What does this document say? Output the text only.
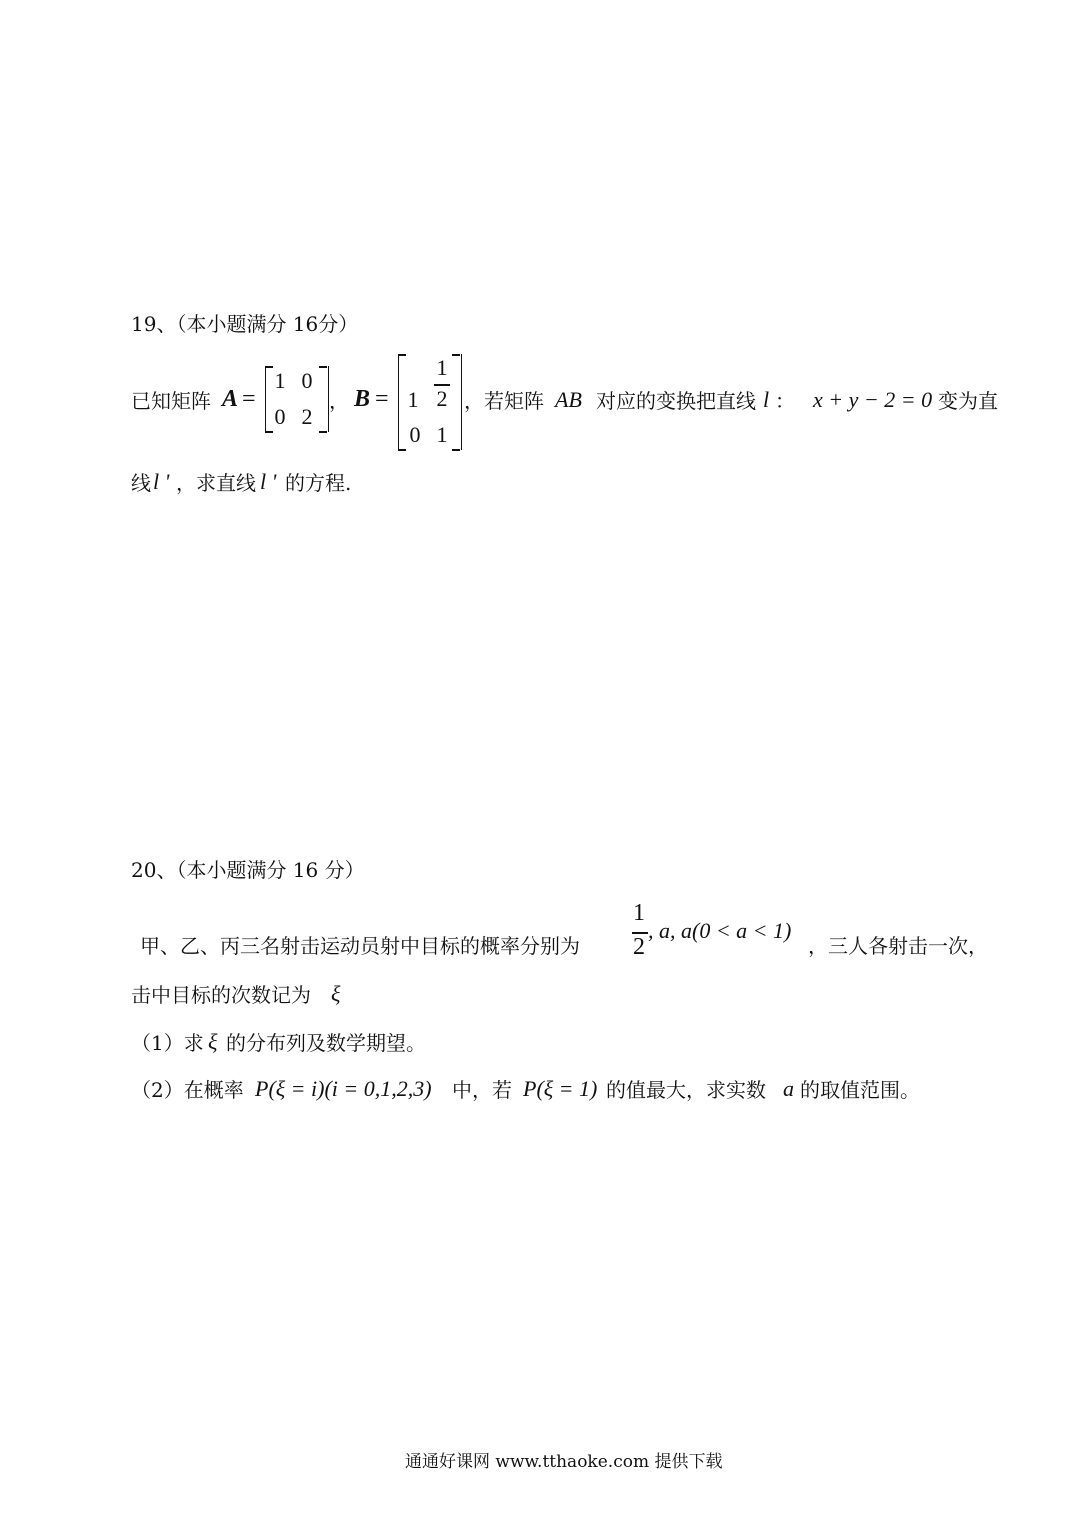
19、（本小题满分 16分）
已知矩阵 A =
1 0
0 2
， B = 1
1
2
0 1
，若矩阵 AB 对应的变换把直线 l ： x + y − 2 = 0 变为直
线 l ' ，求直线 l ' 的方程.
20、（本小题满分 16 分）
甲、乙、丙三名射击运动员射中目标的概率分别为
1
2
, a, a(0 < a < 1)
，三人各射击一次，
击中目标的次数记为 ξ
（1）求 ξ 的分布列及数学期望。
（2）在概率 P(ξ = i)(i = 0,1,2,3) 中，若 P(ξ = 1) 的值最大，求实数 a 的取值范围。
通通好课网 www.tthaoke.com 提供下载
